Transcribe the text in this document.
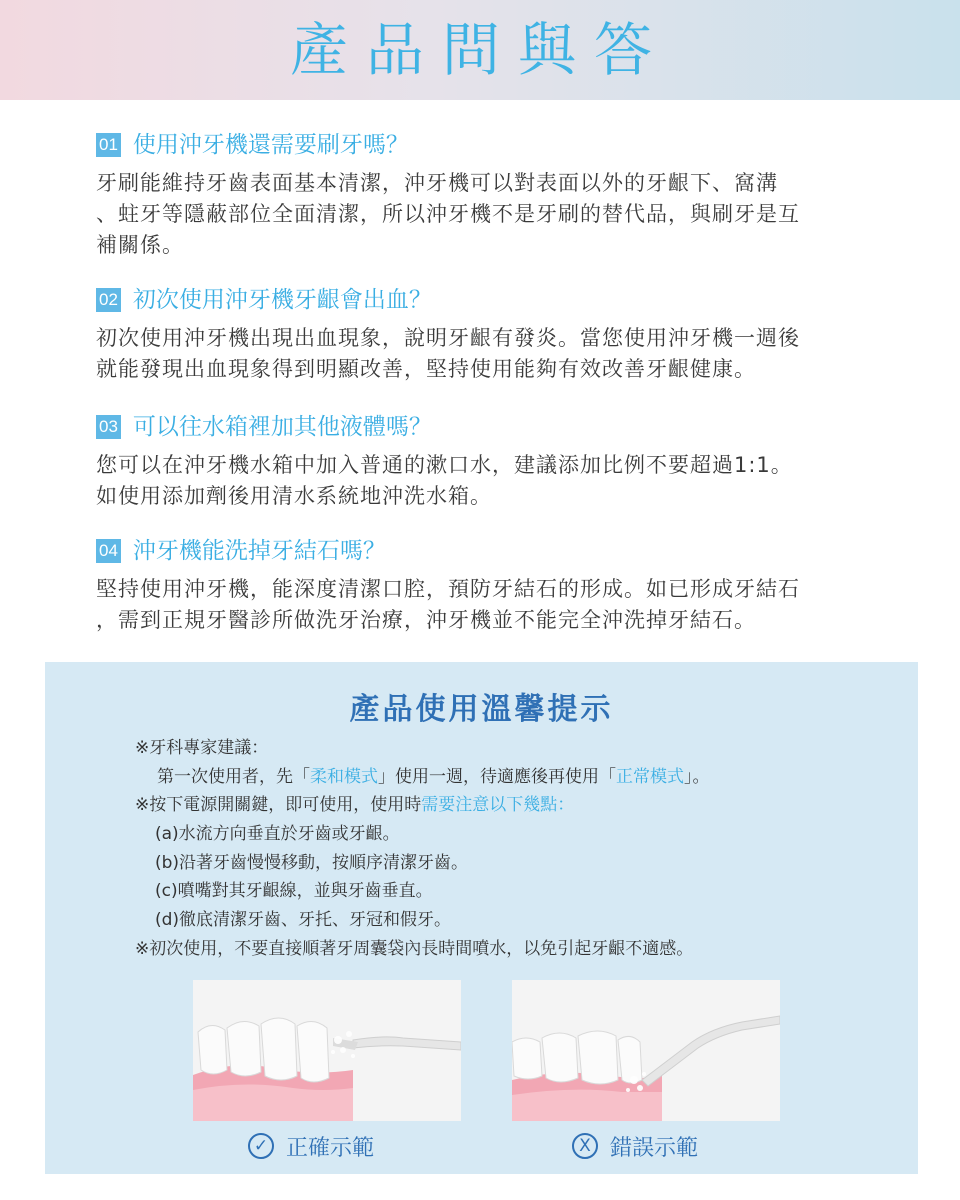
產品問與答
01 使用沖牙機還需要刷牙嗎？
牙刷能維持牙齒表面基本清潔，沖牙機可以對表面以外的牙齦下、窩溝
、蛀牙等隱蔽部位全面清潔，所以沖牙機不是牙刷的替代品，與刷牙是互
補關係。
02 初次使用沖牙機牙齦會出血？
初次使用沖牙機出現出血現象，說明牙齦有發炎。當您使用沖牙機一週後
就能發現出血現象得到明顯改善，堅持使用能夠有效改善牙齦健康。
03 可以往水箱裡加其他液體嗎？
您可以在沖牙機水箱中加入普通的漱口水，建議添加比例不要超過1:1。
如使用添加劑後用清水系統地沖洗水箱。
04 沖牙機能洗掉牙結石嗎？
堅持使用沖牙機，能深度清潔口腔，預防牙結石的形成。如已形成牙結石
，需到正規牙醫診所做洗牙治療，沖牙機並不能完全沖洗掉牙結石。
產品使用溫馨提示
※牙科專家建議：
第一次使用者，先「柔和模式」使用一週，待適應後再使用「正常模式」。
※按下電源開關鍵，即可使用，使用時需要注意以下幾點：
(a)水流方向垂直於牙齒或牙齦。
(b)沿著牙齒慢慢移動，按順序清潔牙齒。
(c)噴嘴對其牙齦線，並與牙齒垂直。
(d)徹底清潔牙齒、牙托、牙冠和假牙。
※初次使用，不要直接順著牙周囊袋內長時間噴水，以免引起牙齦不適感。
✓ 正確示範	X 錯誤示範
